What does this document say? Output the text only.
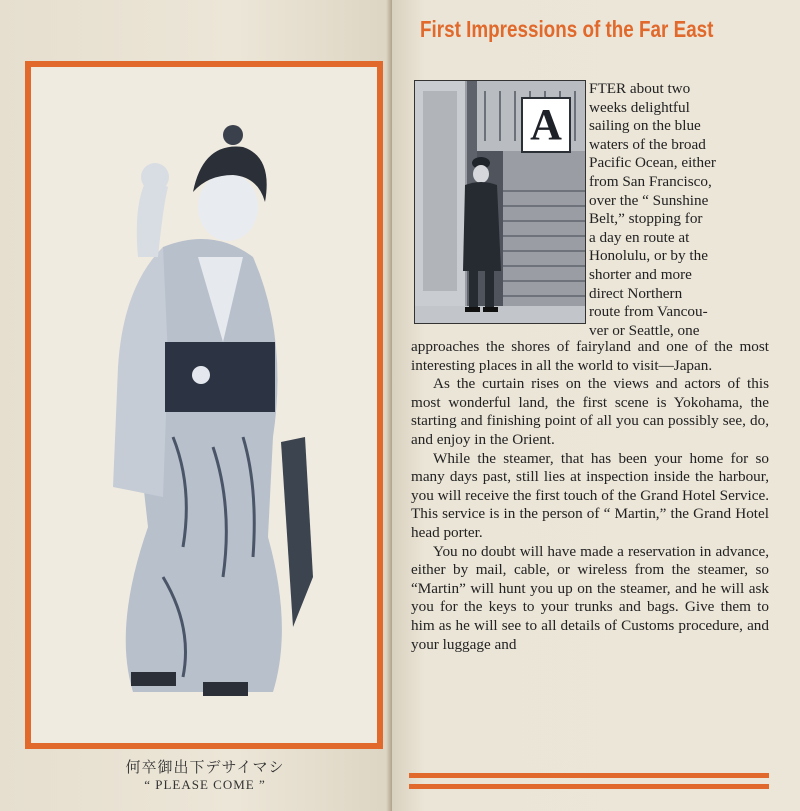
何卒御出下デサイマシ
“ PLEASE COME ”
First Impressions of the Far East
A
FTER about two
weeks delightful
sailing on the blue
waters of the broad
Pacific Ocean, either
from San Francisco,
over the “ Sunshine
Belt,” stopping for
a day en route at
Honolulu, or by the
shorter and more
direct Northern
route from Vancou-
ver or Seattle, one

approaches the shores of fairyland and one of the most interesting places in all the world to visit—Japan.

As the curtain rises on the views and actors of this most wonderful land, the first scene is Yokohama, the starting and finishing point of all you can possibly see, do, and enjoy in the Orient.

While the steamer, that has been your home for so many days past, still lies at inspection inside the harbour, you will receive the first touch of the Grand Hotel Service. This service is in the person of “ Martin,” the Grand Hotel head porter.

You no doubt will have made a reservation in advance, either by mail, cable, or wireless from the steamer, so “Martin” will hunt you up on the steamer, and he will ask you for the keys to your trunks and bags. Give them to him as he will see to all details of Customs procedure, and your luggage and
